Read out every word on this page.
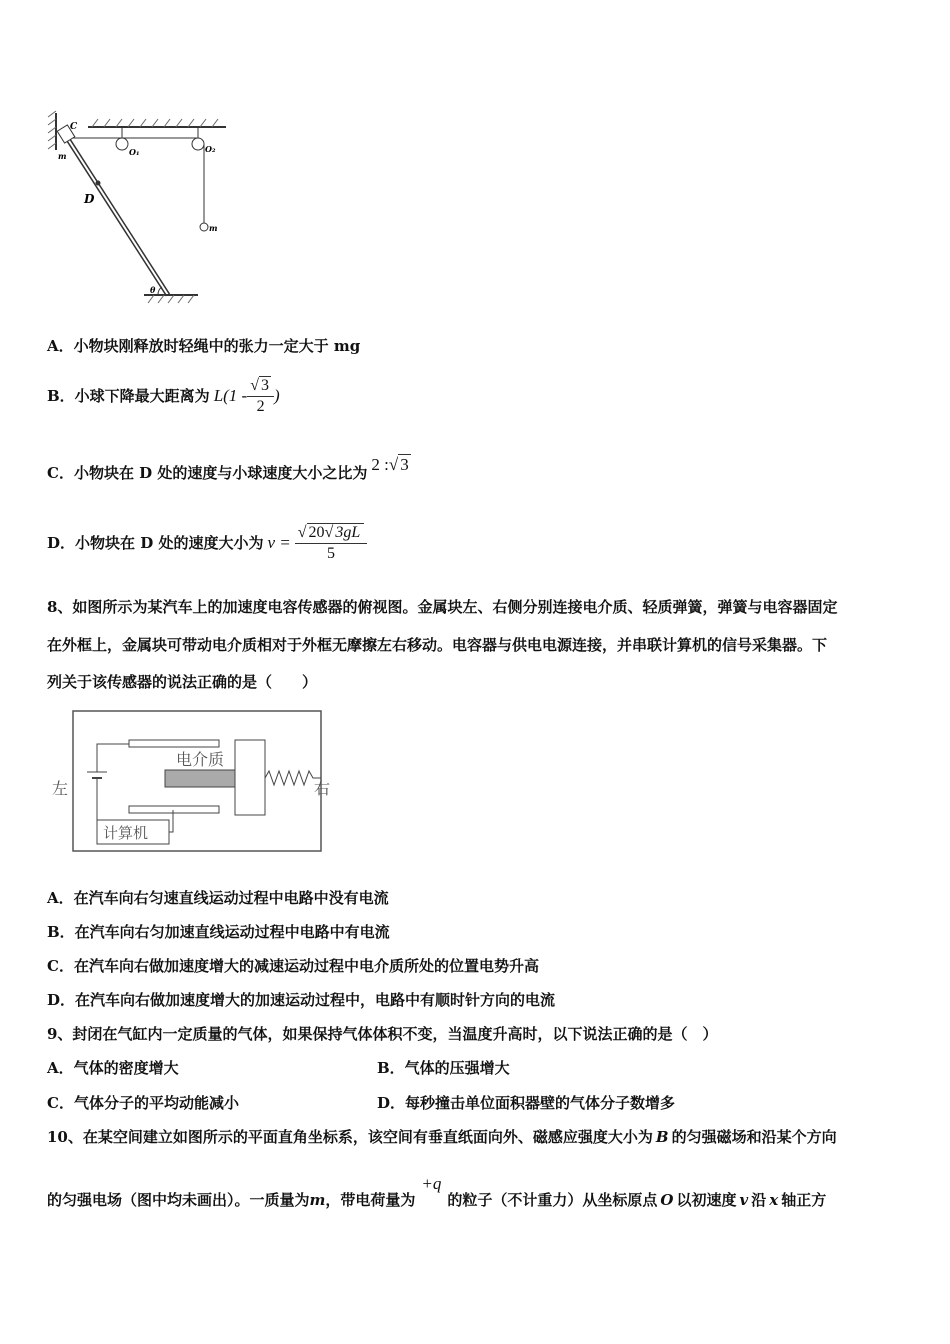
C
m	O₁	O₂
D
m
θ
A．小物块刚释放时轻绳中的张力一定大于 mg
B．小球下降最大距离为 $L(1 - \frac{√ 3}{2}$ )
C．小物块在 D 处的速度与小球速度大小之比为 2 : √ 3
D．小物块在 D 处的速度大小为 $v = \frac{√ 20√ 3gL}{5}$
8、如图所示为某汽车上的加速度电容传感器的俯视图。金属块左、右侧分别连接电介质、轻质弹簧，弹簧与电容器固定
在外框上，金属块可带动电介质相对于外框无摩擦左右移动。电容器与供电电源连接，并串联计算机的信号采集器。下
列关于该传感器的说法正确的是（　　）
电介质
左	右
计算机
A．在汽车向右匀速直线运动过程中电路中没有电流
B．在汽车向右匀加速直线运动过程中电路中有电流
C．在汽车向右做加速度增大的减速运动过程中电介质所处的位置电势升高
D．在汽车向右做加速度增大的加速运动过程中，电路中有顺时针方向的电流
9、封闭在气缸内一定质量的气体，如果保持气体体积不变，当温度升高时，以下说法正确的是（　）
A．气体的密度增大	B．气体的压强增大
C．气体分子的平均动能减小	D．每秒撞击单位面积器壁的气体分子数增多
10、在某空间建立如图所示的平面直角坐标系，该空间有垂直纸面向外、磁感应强度大小为 B 的匀强磁场和沿某个方向
的匀强电场（图中均未画出）。一质量为m，带电荷量为+q的粒子（不计重力）从坐标原点 O 以初速度 v 沿 x 轴正方
